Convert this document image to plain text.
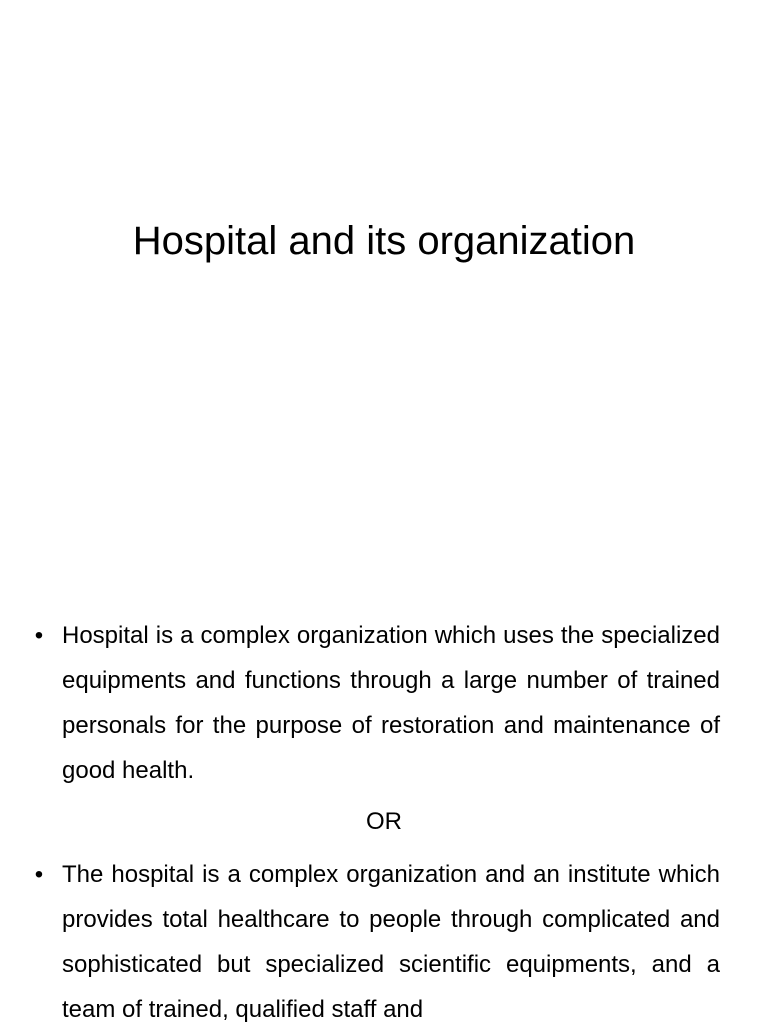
Hospital and its organization
• Hospital is a complex organization which uses the specialized equipments and functions through a large number of trained personals for the purpose of restoration and maintenance of good health.
• The hospital is a complex organization and an institute which provides total healthcare to people through complicated and sophisticated but specialized scientific equipments, and a team of trained, qualified staff and
OR
